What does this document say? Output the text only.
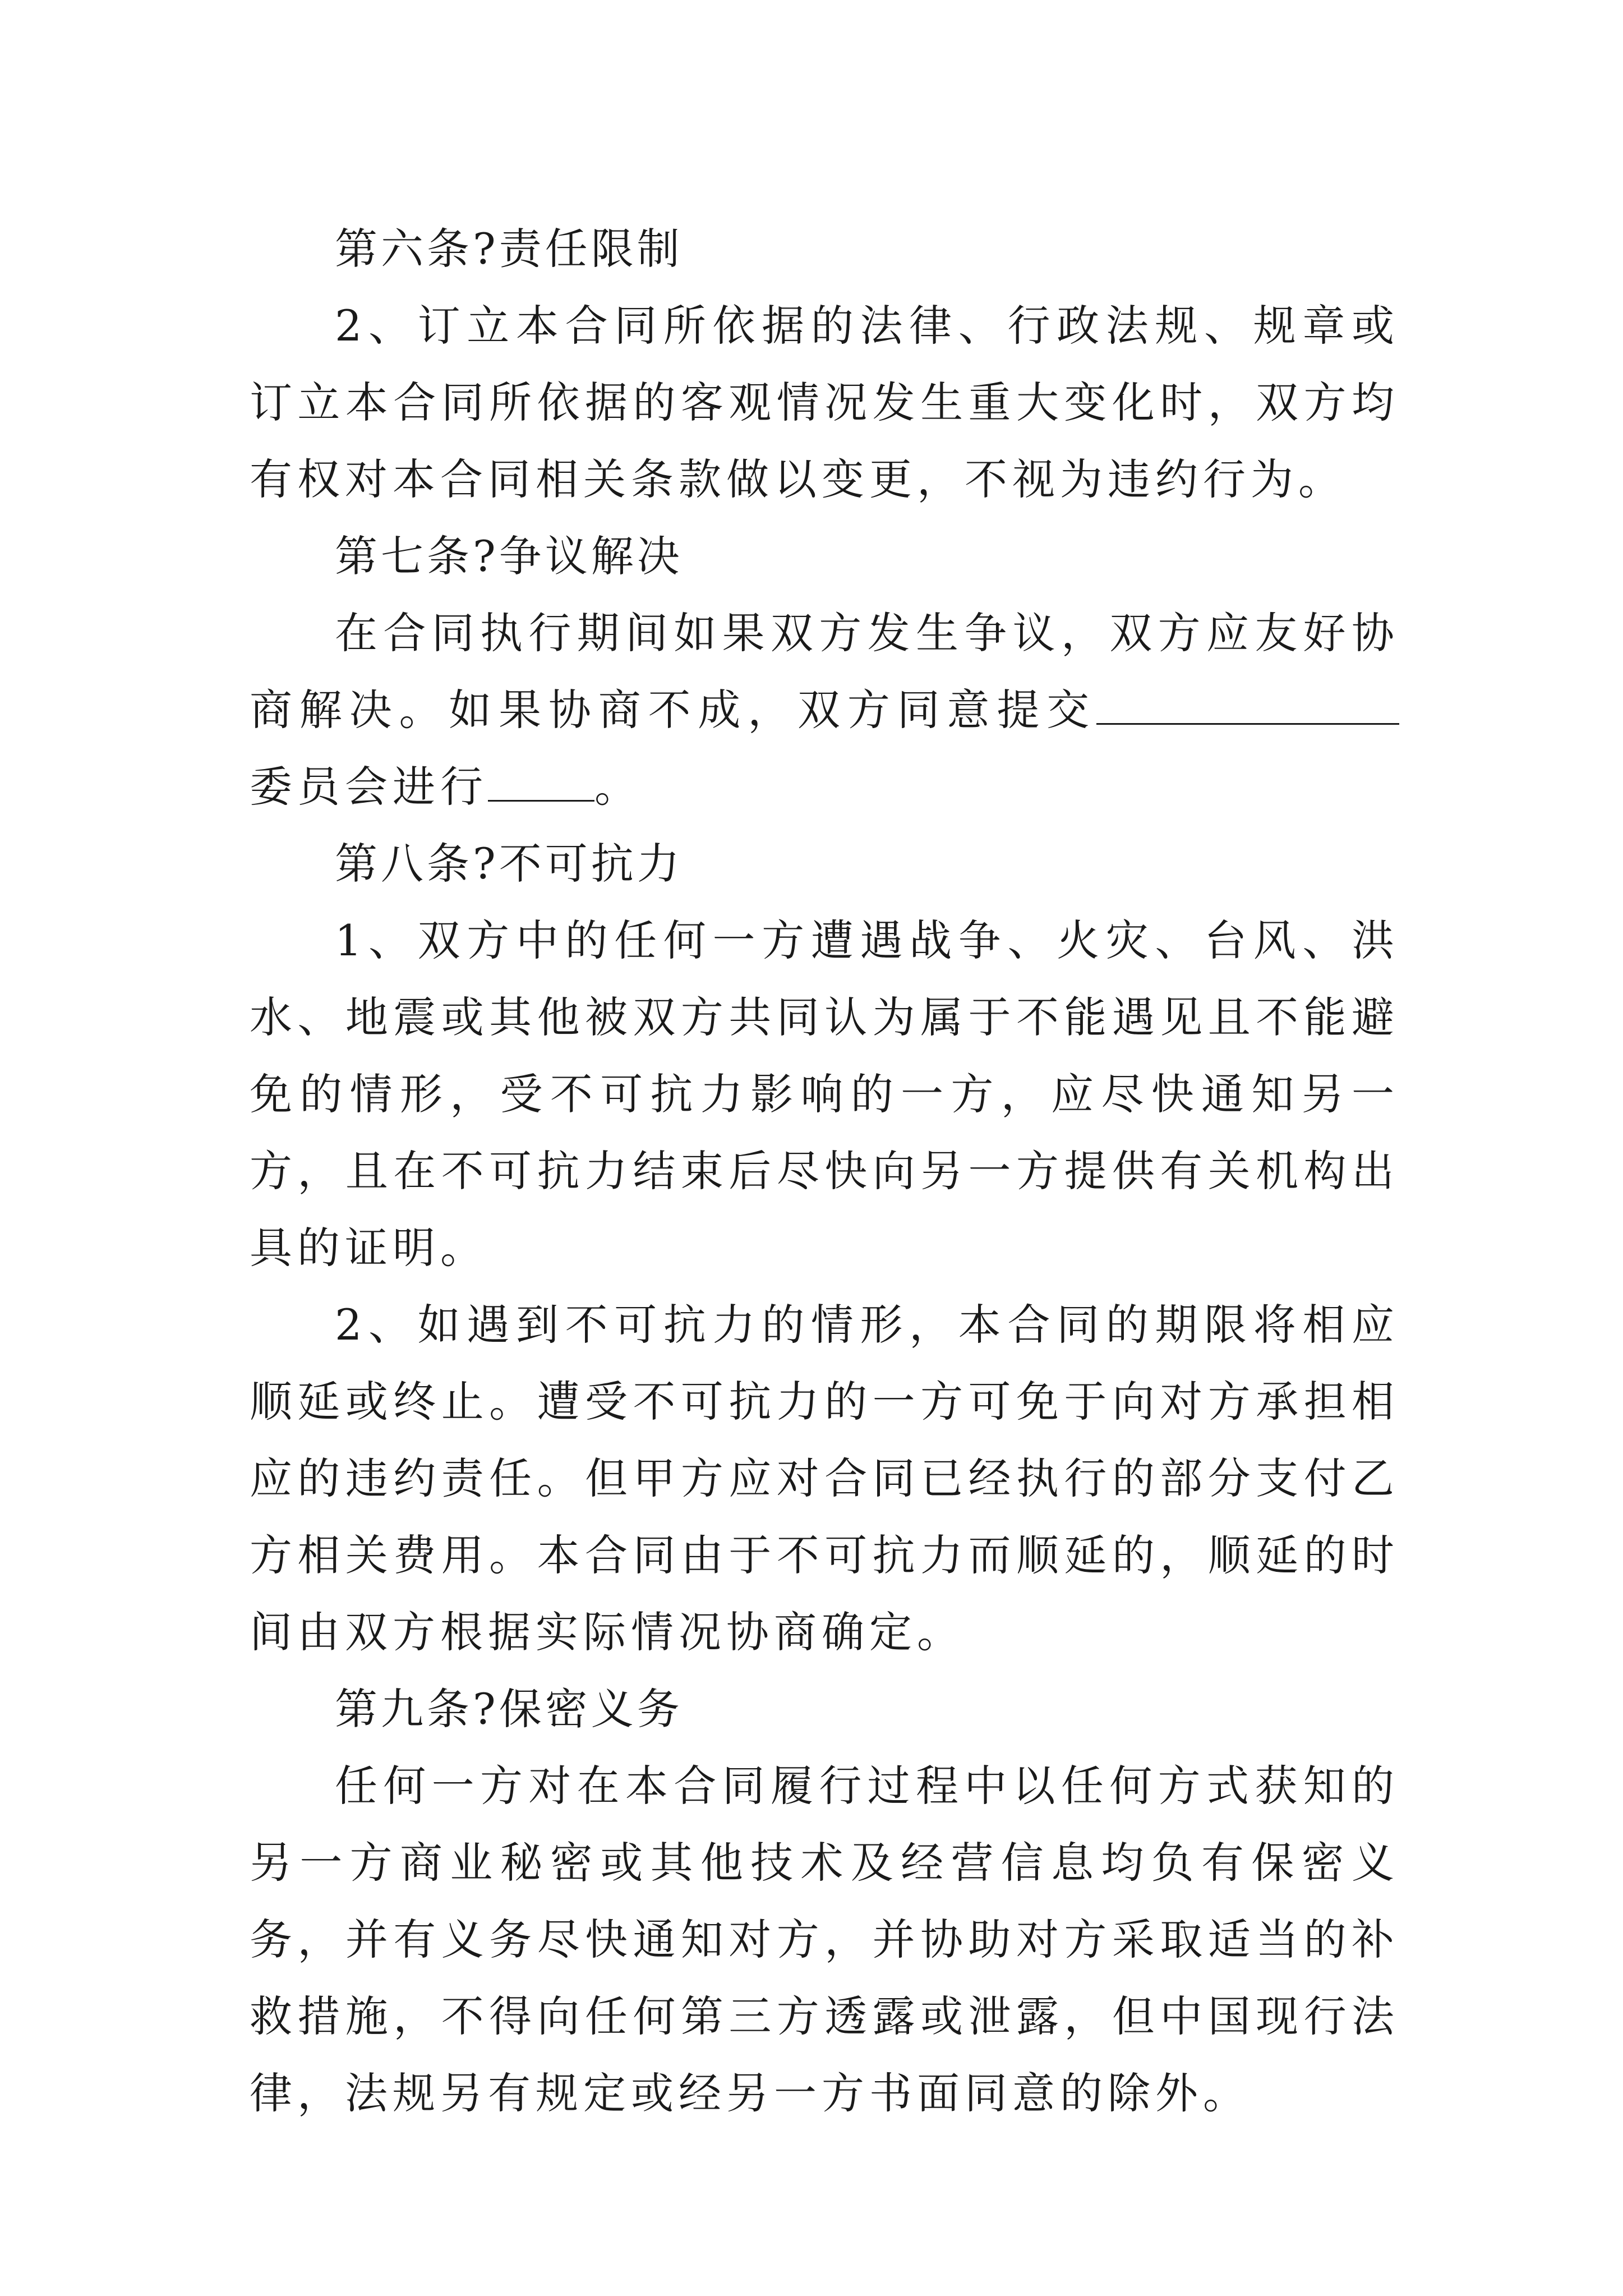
第六条?责任限制

2、订立本合同所依据的法律、行政法规、规章或订立本合同所依据的客观情况发生重大变化时，双方均有权对本合同相关条款做以变更，不视为违约行为。

第七条?争议解决

在合同执行期间如果双方发生争议，双方应友好协商解决。如果协商不成，双方同意提交委员会进行	。

第八条?不可抗力

1、双方中的任何一方遭遇战争、火灾、台风、洪水、地震或其他被双方共同认为属于不能遇见且不能避免的情形，受不可抗力影响的一方，应尽快通知另一方，且在不可抗力结束后尽快向另一方提供有关机构出具的证明。

2、如遇到不可抗力的情形，本合同的期限将相应顺延或终止。遭受不可抗力的一方可免于向对方承担相应的违约责任。但甲方应对合同已经执行的部分支付乙方相关费用。本合同由于不可抗力而顺延的，顺延的时间由双方根据实际情况协商确定。

第九条?保密义务

任何一方对在本合同履行过程中以任何方式获知的另一方商业秘密或其他技术及经营信息均负有保密义务，并有义务尽快通知对方，并协助对方采取适当的补救措施，不得向任何第三方透露或泄露，但中国现行法律，法规另有规定或经另一方书面同意的除外。
